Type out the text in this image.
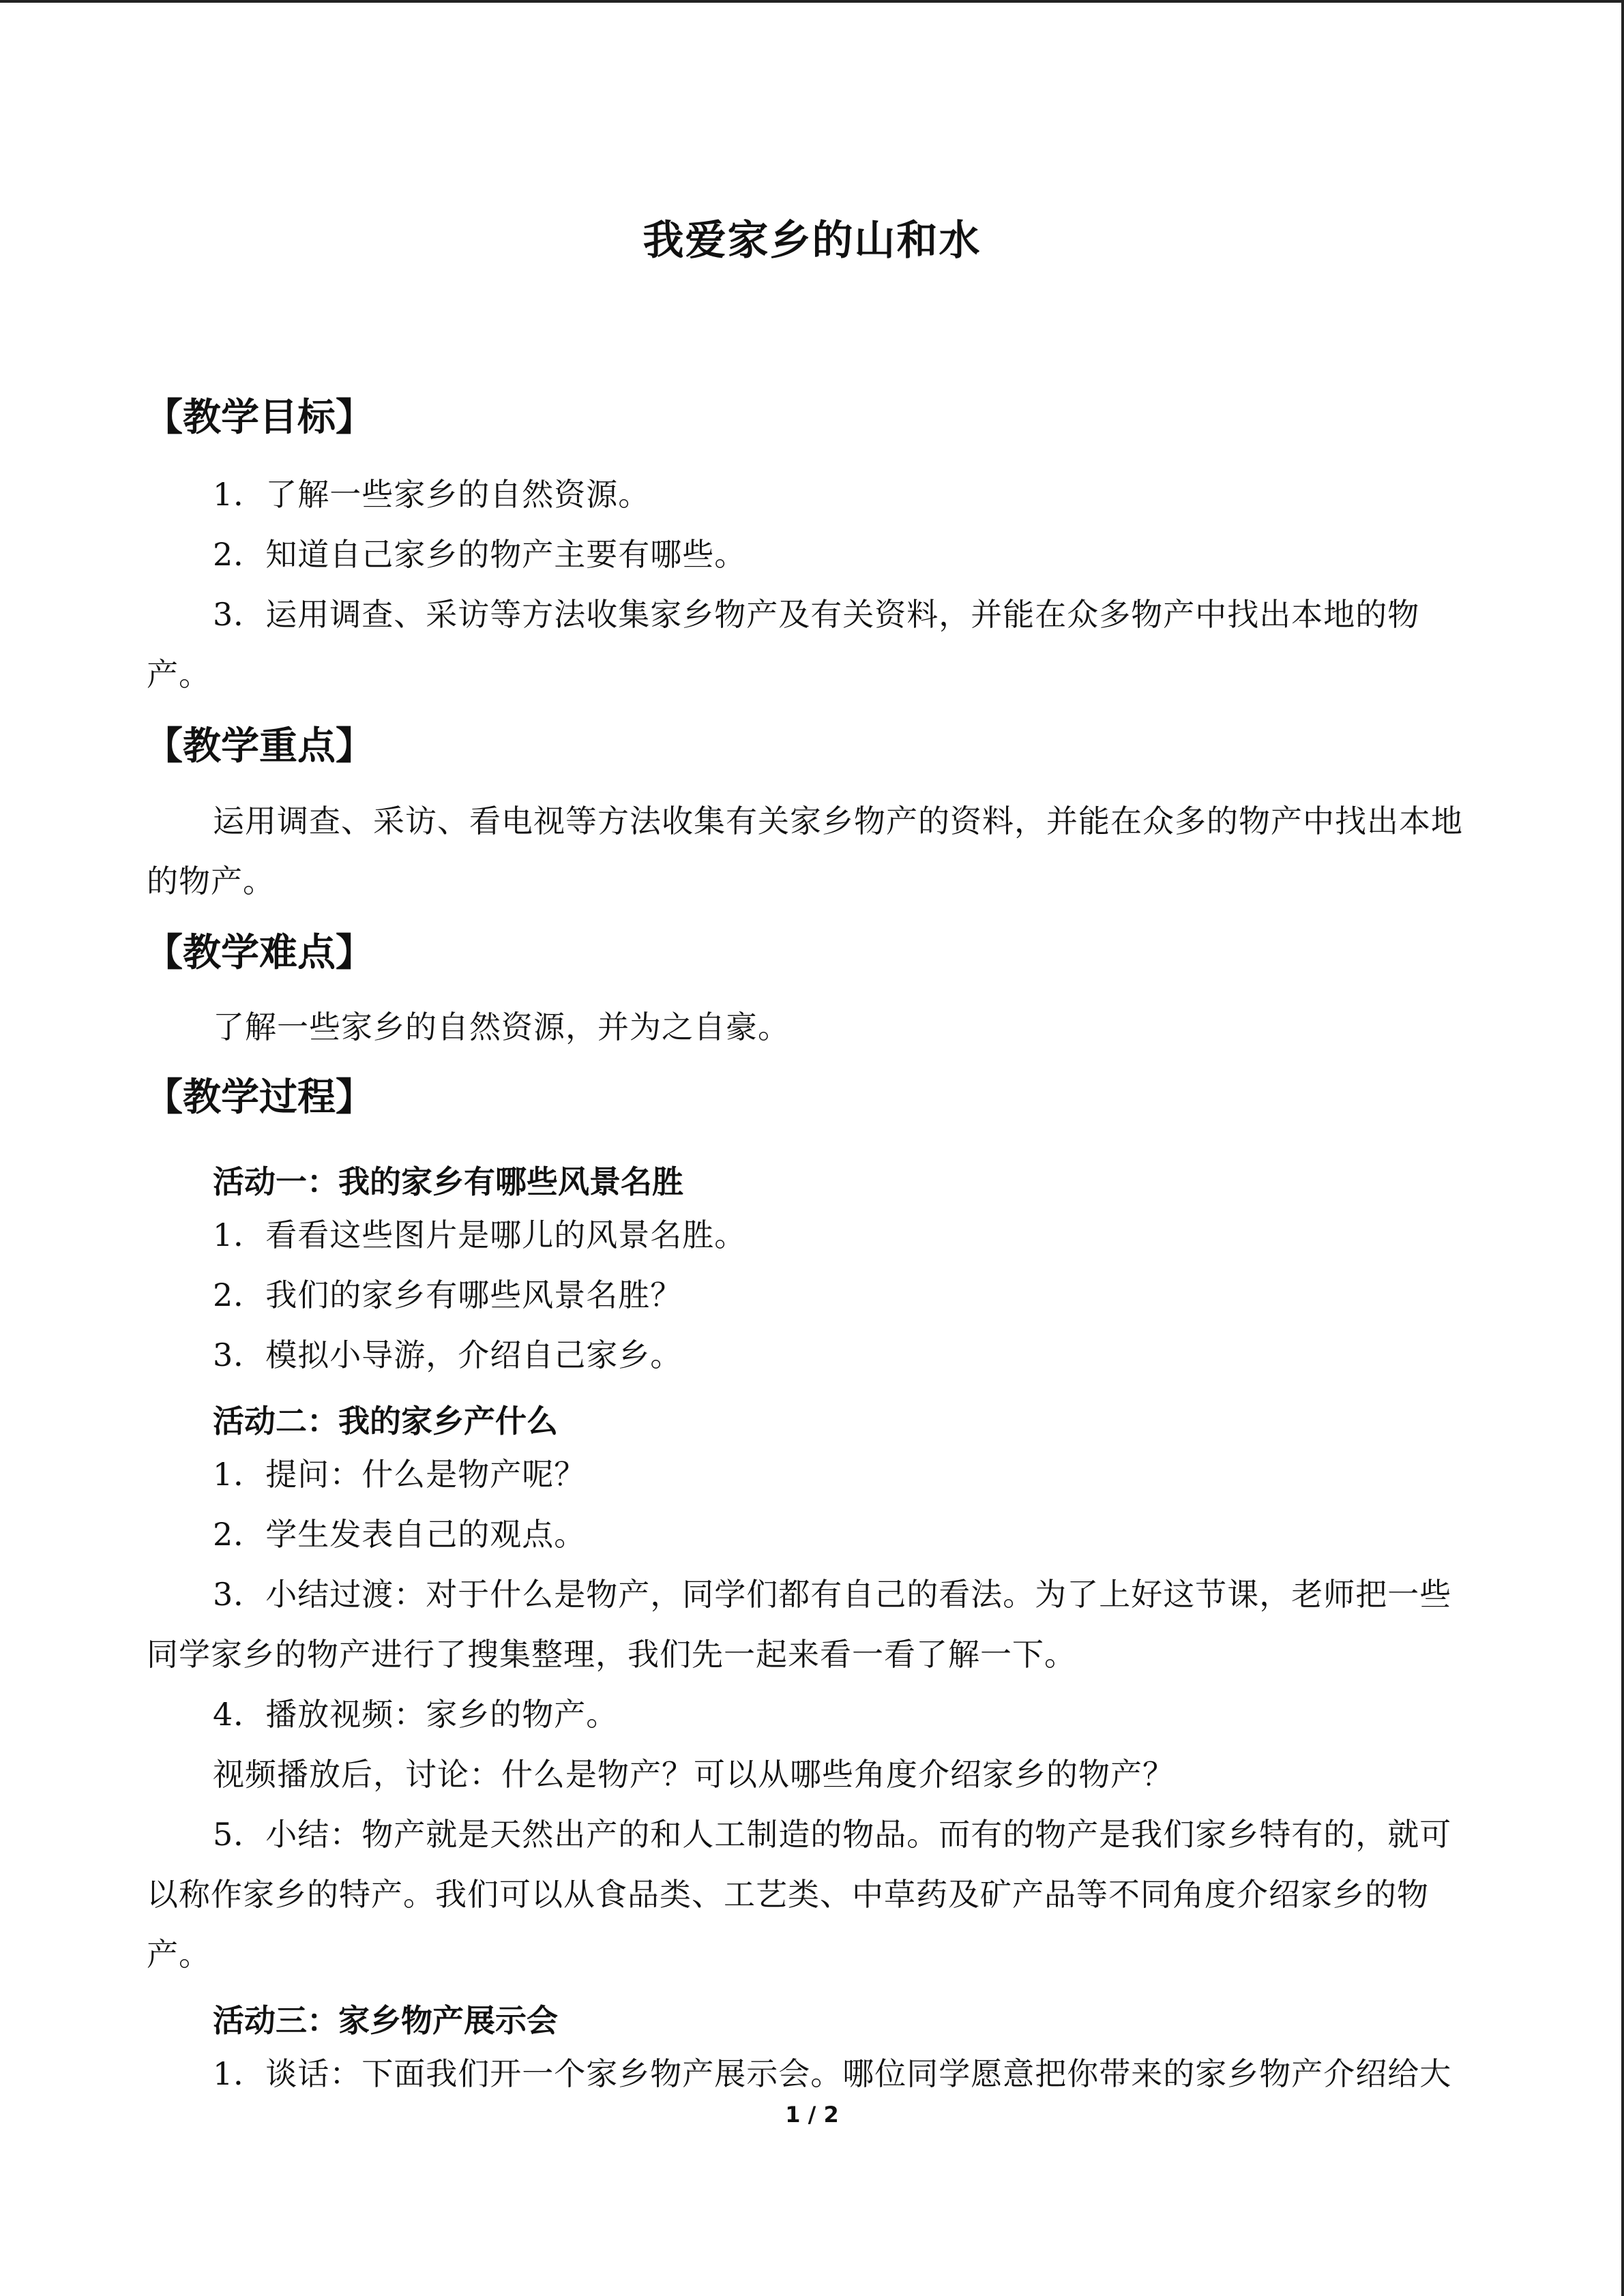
我爱家乡的山和水
【教学目标】
1．了解一些家乡的自然资源。
2．知道自己家乡的物产主要有哪些。
3．运用调查、采访等方法收集家乡物产及有关资料，并能在众多物产中找出本地的物产。
【教学重点】
运用调查、采访、看电视等方法收集有关家乡物产的资料，并能在众多的物产中找出本地的物产。
【教学难点】
了解一些家乡的自然资源，并为之自豪。
【教学过程】
活动一：我的家乡有哪些风景名胜
1．看看这些图片是哪儿的风景名胜。
2．我们的家乡有哪些风景名胜？
3．模拟小导游，介绍自己家乡。
活动二：我的家乡产什么
1．提问：什么是物产呢？
2．学生发表自己的观点。
3．小结过渡：对于什么是物产，同学们都有自己的看法。为了上好这节课，老师把一些同学家乡的物产进行了搜集整理，我们先一起来看一看了解一下。
4．播放视频：家乡的物产。
视频播放后，讨论：什么是物产？可以从哪些角度介绍家乡的物产？
5．小结：物产就是天然出产的和人工制造的物品。而有的物产是我们家乡特有的，就可以称作家乡的特产。我们可以从食品类、工艺类、中草药及矿产品等不同角度介绍家乡的物产。
活动三：家乡物产展示会
1．谈话：下面我们开一个家乡物产展示会。哪位同学愿意把你带来的家乡物产介绍给大
1 / 2
